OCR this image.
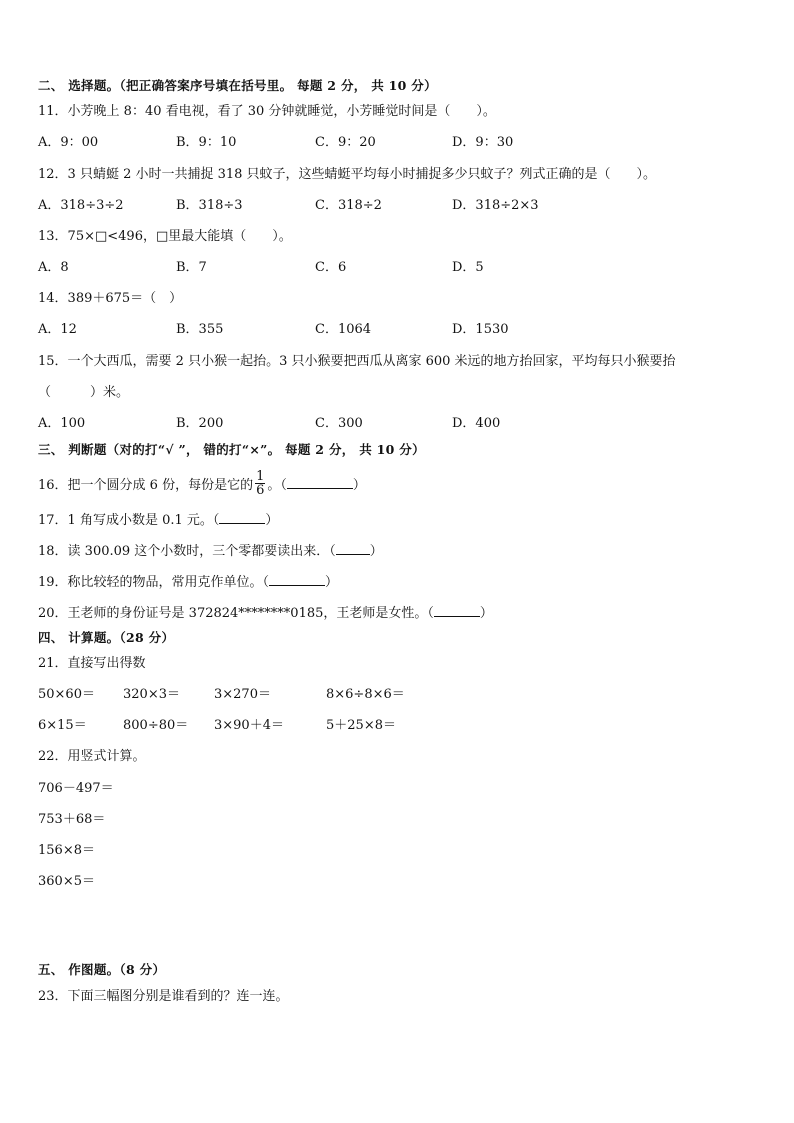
二、 选择题。（把正确答案序号填在括号里。 每题 2 分， 共 10 分）
11．小芳晚上 8：40 看电视，看了 30 分钟就睡觉，小芳睡觉时间是（　　）。
A．9：00	B．9：10	C．9：20	D．9：30
12．3 只蜻蜓 2 小时一共捕捉 318 只蚊子，这些蜻蜓平均每小时捕捉多少只蚊子？列式正确的是（　　）。
A．318÷3÷2	B．318÷3	C．318÷2	D．318÷2×3
13．75×□<496，□里最大能填（　　）。
A．8	B．7	C．6	D．5
14．389＋675＝（　）
A．12	B．355	C．1064	D．1530
15．一个大西瓜，需要 2 只小猴一起抬。3 只小猴要把西瓜从离家 600 米远的地方抬回家，平均每只小猴要抬
（　　　）米。
A．100	B．200	C．300	D．400
三、 判断题（对的打“√ ”， 错的打“×”。 每题 2 分， 共 10 分）
16．把一个圆分成 6 份，每份是它的 $\frac{1}{6}$ 。（	）
17．1 角写成小数是 0.1 元。（	）
18．读 300.09 这个小数时，三个零都要读出来．（	）
19．称比较轻的物品，常用克作单位。（	）
20．王老师的身份证号是 372824********0185，王老师是女性。（	）
四、 计算题。（28 分）
21．直接写出得数
50×60＝ 320×3＝	3×270＝	8×6÷8×6＝
6×15＝	800÷80＝ 3×90＋4＝	5＋25×8＝
22．用竖式计算。
706－497＝
753＋68＝
156×8＝
360×5＝
五、 作图题。（8 分）
23．下面三幅图分别是谁看到的？连一连。
